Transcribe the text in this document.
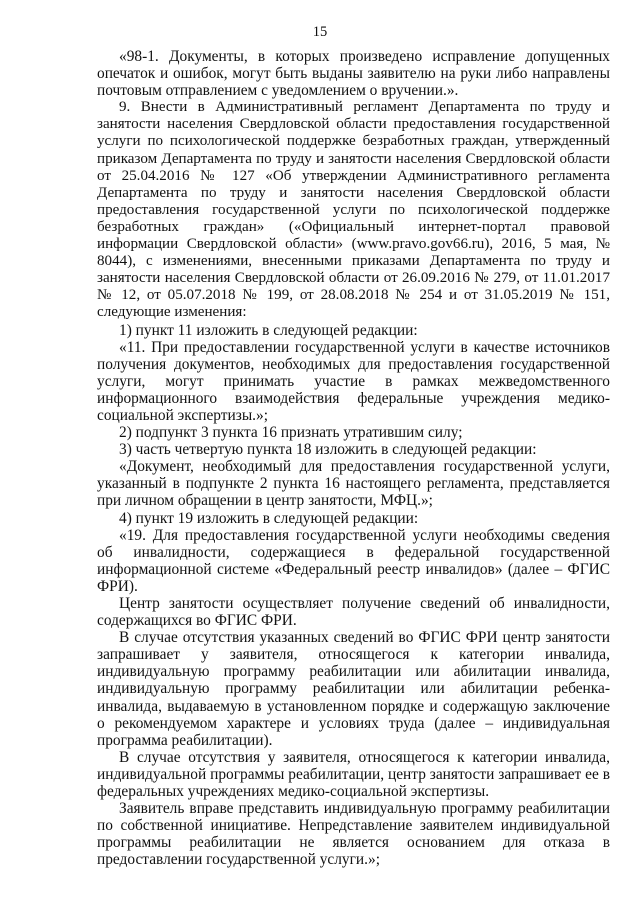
15

«98-1. Документы, в которых произведено исправление допущенных опечаток и ошибок, могут быть выданы заявителю на руки либо направлены почтовым отправлением с уведомлением о вручении.».

9. Внести в Административный регламент Департамента по труду и занятости населения Свердловской области предоставления государственной услуги по психологической поддержке безработных граждан, утвержденный приказом Департамента по труду и занятости населения Свердловской области от 25.04.2016 № 127 «Об утверждении Административного регламента Департамента по труду и занятости населения Свердловской области предоставления государственной услуги по психологической поддержке безработных граждан» («Официальный интернет-портал правовой информации Свердловской области» (www.pravo.gov66.ru), 2016, 5 мая, № 8044), с изменениями, внесенными приказами Департамента по труду и занятости населения Свердловской области от 26.09.2016 № 279, от 11.01.2017 № 12, от 05.07.2018 № 199, от 28.08.2018 № 254 и от 31.05.2019 № 151, следующие изменения:

1) пункт 11 изложить в следующей редакции:

«11. При предоставлении государственной услуги в качестве источников получения документов, необходимых для предоставления государственной услуги, могут принимать участие в рамках межведомственного информационного взаимодействия федеральные учреждения медико-социальной экспертизы.»;

2) подпункт 3 пункта 16 признать утратившим силу;

3) часть четвертую пункта 18 изложить в следующей редакции:

«Документ, необходимый для предоставления государственной услуги, указанный в подпункте 2 пункта 16 настоящего регламента, представляется при личном обращении в центр занятости, МФЦ.»;

4) пункт 19 изложить в следующей редакции:

«19. Для предоставления государственной услуги необходимы сведения об инвалидности, содержащиеся в федеральной государственной информационной системе «Федеральный реестр инвалидов» (далее – ФГИС ФРИ).

Центр занятости осуществляет получение сведений об инвалидности, содержащихся во ФГИС ФРИ.

В случае отсутствия указанных сведений во ФГИС ФРИ центр занятости запрашивает у заявителя, относящегося к категории инвалида, индивидуальную программу реабилитации или абилитации инвалида, индивидуальную программу реабилитации или абилитации ребенка-инвалида, выдаваемую в установленном порядке и содержащую заключение о рекомендуемом характере и условиях труда (далее – индивидуальная программа реабилитации).

В случае отсутствия у заявителя, относящегося к категории инвалида, индивидуальной программы реабилитации, центр занятости запрашивает ее в федеральных учреждениях медико-социальной экспертизы.

Заявитель вправе представить индивидуальную программу реабилитации по собственной инициативе. Непредставление заявителем индивидуальной программы реабилитации не является основанием для отказа в предоставлении государственной услуги.»;
